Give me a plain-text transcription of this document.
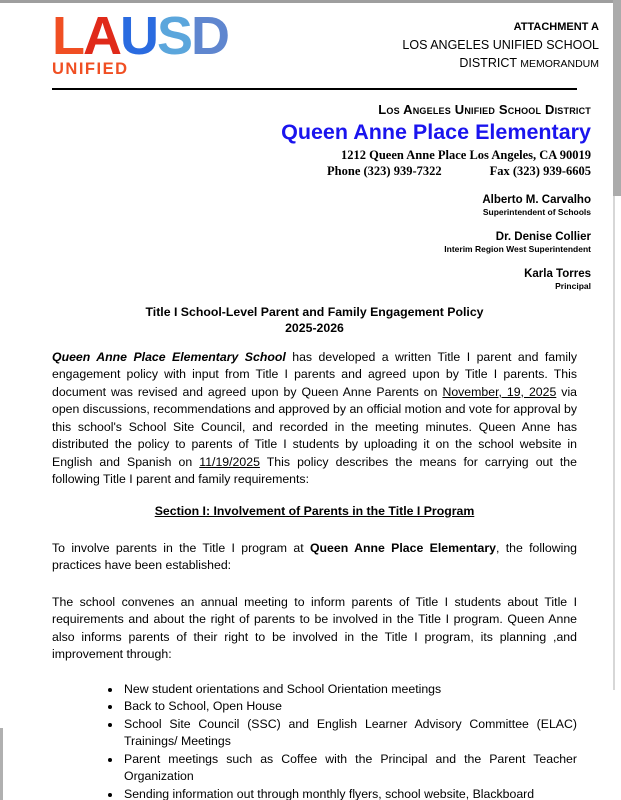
LAUSD
UNIFIED
ATTACHMENT A
LOS ANGELES UNIFIED SCHOOL
DISTRICT MEMORANDUM
Los Angeles Unified School District
Queen Anne Place Elementary
1212 Queen Anne Place Los Angeles, CA 90019
Phone (323) 939-7322	Fax (323) 939-6605
Alberto M. Carvalho
Superintendent of Schools
Dr. Denise Collier
Interim Region West Superintendent
Karla Torres
Principal
Title I School-Level Parent and Family Engagement Policy
2025-2026

Queen Anne Place Elementary School has developed a written Title I parent and family engagement policy with input from Title I parents and agreed upon by Title I parents. This document was revised and agreed upon by Queen Anne Parents on November, 19, 2025 via open discussions, recommendations and approved by an official motion and vote for approval by this school's School Site Council, and recorded in the meeting minutes. Queen Anne has distributed the policy to parents of Title I students by uploading it on the school website in English and Spanish on 11/19/2025 This policy describes the means for carrying out the following Title I parent and family requirements:

Section I: Involvement of Parents in the Title I Program

To involve parents in the Title I program at Queen Anne Place Elementary, the following practices have been established:

The school convenes an annual meeting to inform parents of Title I students about Title I requirements and about the right of parents to be involved in the Title I program. Queen Anne also informs parents of their right to be involved in the Title I program, its planning ,and improvement through:

• New student orientations and School Orientation meetings
• Back to School, Open House
• School Site Council (SSC) and English Learner Advisory Committee (ELAC) Trainings/ Meetings
• Parent meetings such as Coffee with the Principal and the Parent Teacher Organization
• Sending information out through monthly flyers, school website, Blackboard
